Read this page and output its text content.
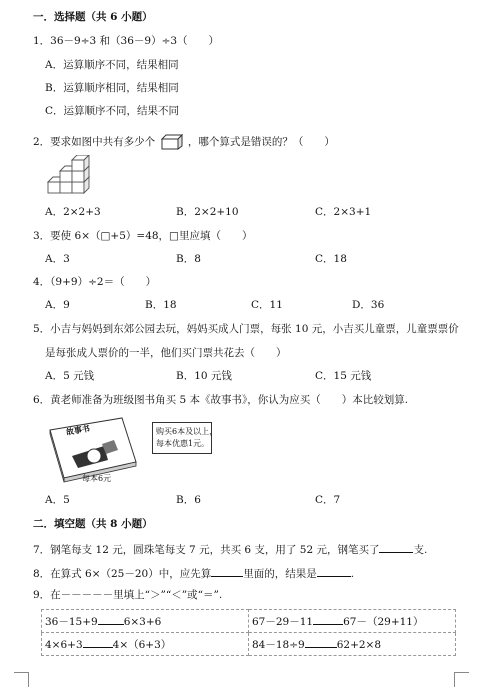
一．选择题（共 6 小题）
1．36－9÷3 和（36－9）÷3（　　）
A．运算顺序不同，结果相同
B．运算顺序相同，结果相同
C．运算顺序不同，结果不同
2．要求如图中共有多少个	，哪个算式是错误的？（　　）
A．2×2+3	B．2×2+10	C．2×3+1
3．要使 6×（□+5）=48，□里应填（　　）
A．3	B．8	C．18
4．（9+9）÷2＝（　　）
A．9	B．18	C．11	D．36
5．小吉与妈妈到东郊公园去玩，妈妈买成人门票，每张 10 元，小吉买儿童票，儿童票票价
是每张成人票价的一半，他们买门票共花去（　　）
A．5 元钱	B．10 元钱	C．15 元钱
6．黄老师准备为班级图书角买 5 本《故事书》，你认为应买（　　）本比较划算.
故事书
每本6元
购买6本及以上，
每本优惠1元。
A．5	B．6	C．7
二．填空题（共 8 小题）
7．钢笔每支 12 元，圆珠笔每支 7 元，共买 6 支，用了 52 元，钢笔买了	支.
8．在算式 6×（25－20）中，应先算	里面的，结果是	.
9．在－－－－－里填上“＞”“＜”或“＝”.
36－15+9 6×3+6	67－29－11 67－（29+11）
4×6+3 4×（6+3）	84－18÷9 62+2×8
